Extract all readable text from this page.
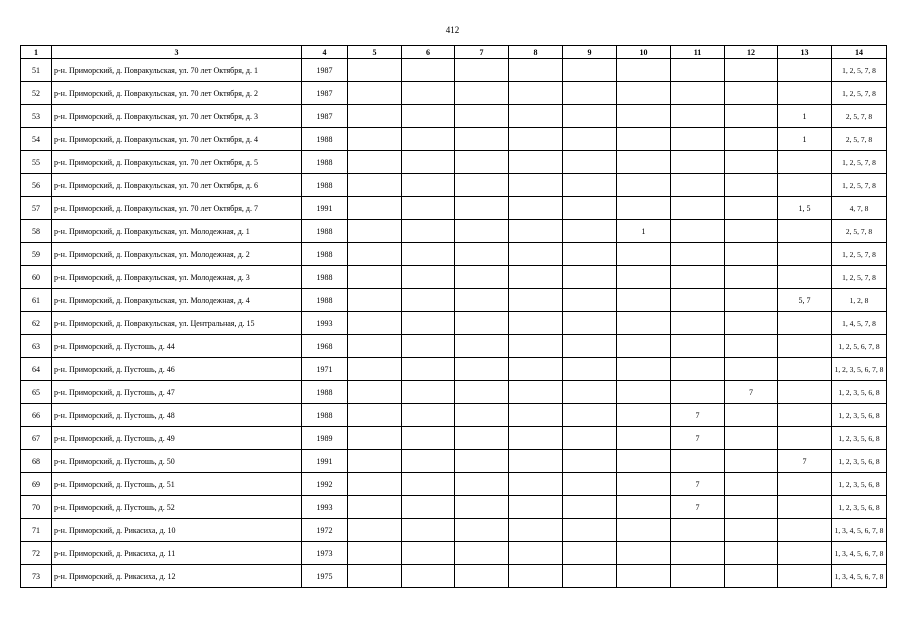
412
1	3	4	5	6	7	8	9	10	11	12	13	14
51	р-н. Приморский, д. Повракульская, ул. 70 лет Октября, д. 1	1987										1, 2, 5, 7, 8
52	р-н. Приморский, д. Повракульская, ул. 70 лет Октября, д. 2	1987										1, 2, 5, 7, 8
53	р-н. Приморский, д. Повракульская, ул. 70 лет Октября, д. 3	1987									1	2, 5, 7, 8
54	р-н. Приморский, д. Повракульская, ул. 70 лет Октября, д. 4	1988									1	2, 5, 7, 8
55	р-н. Приморский, д. Повракульская, ул. 70 лет Октября, д. 5	1988										1, 2, 5, 7, 8
56	р-н. Приморский, д. Повракульская, ул. 70 лет Октября, д. 6	1988										1, 2, 5, 7, 8
57	р-н. Приморский, д. Повракульская, ул. 70 лет Октября, д. 7	1991									1, 5	4, 7, 8
58	р-н. Приморский, д. Повракульская, ул. Молодежная, д. 1	1988						1				2, 5, 7, 8
59	р-н. Приморский, д. Повракульская, ул. Молодежная, д. 2	1988										1, 2, 5, 7, 8
60	р-н. Приморский, д. Повракульская, ул. Молодежная, д. 3	1988										1, 2, 5, 7, 8
61	р-н. Приморский, д. Повракульская, ул. Молодежная, д. 4	1988									5, 7	1, 2, 8
62	р-н. Приморский, д. Повракульская, ул. Центральная, д. 15	1993										1, 4, 5, 7, 8
63	р-н. Приморский, д. Пустошь, д. 44	1968										1, 2, 5, 6, 7, 8
64	р-н. Приморский, д. Пустошь, д. 46	1971										1, 2, 3, 5, 6, 7, 8
65	р-н. Приморский, д. Пустошь, д. 47	1988								7		1, 2, 3, 5, 6, 8
66	р-н. Приморский, д. Пустошь, д. 48	1988							7			1, 2, 3, 5, 6, 8
67	р-н. Приморский, д. Пустошь, д. 49	1989							7			1, 2, 3, 5, 6, 8
68	р-н. Приморский, д. Пустошь, д. 50	1991									7	1, 2, 3, 5, 6, 8
69	р-н. Приморский, д. Пустошь, д. 51	1992							7			1, 2, 3, 5, 6, 8
70	р-н. Приморский, д. Пустошь, д. 52	1993							7			1, 2, 3, 5, 6, 8
71	р-н. Приморский, д. Рикасиха, д. 10	1972										1, 3, 4, 5, 6, 7, 8
72	р-н. Приморский, д. Рикасиха, д. 11	1973										1, 3, 4, 5, 6, 7, 8
73	р-н. Приморский, д. Рикасиха, д. 12	1975										1, 3, 4, 5, 6, 7, 8
